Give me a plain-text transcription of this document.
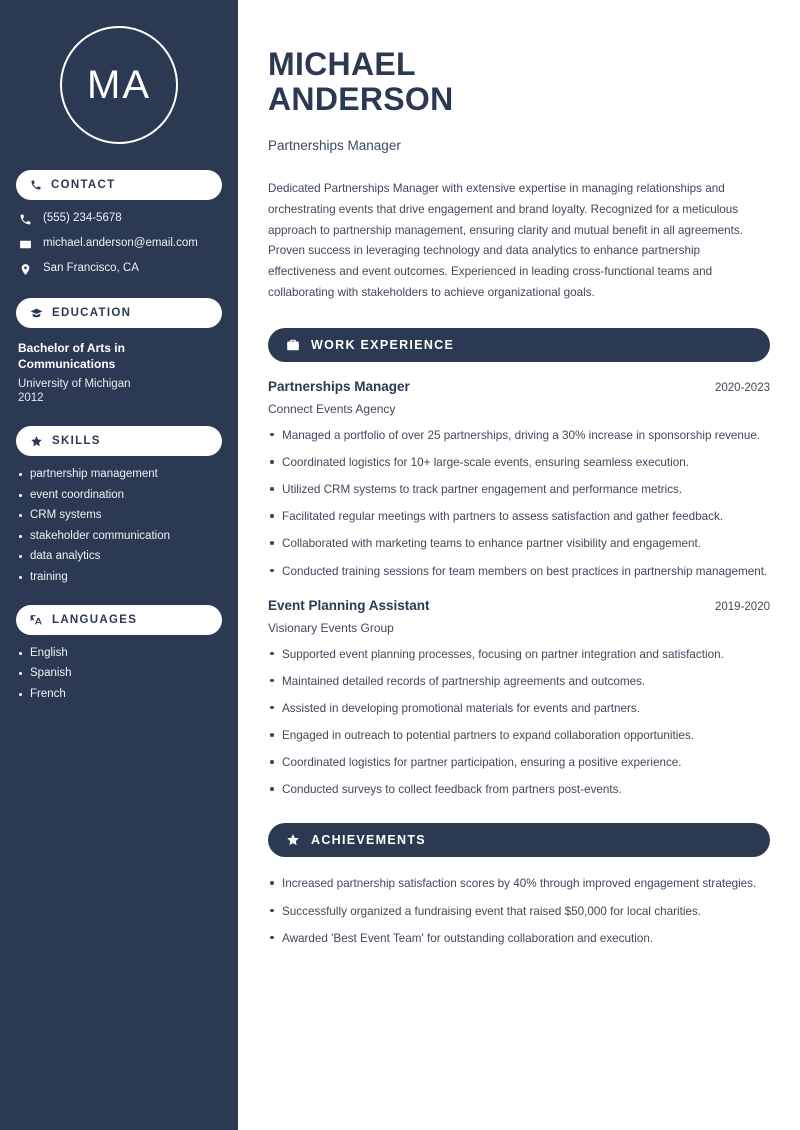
MA
CONTACT
(555) 234-5678
michael.anderson@email.com
San Francisco, CA
EDUCATION
Bachelor of Arts in Communications
University of Michigan
2012
SKILLS
partnership management
event coordination
CRM systems
stakeholder communication
data analytics
training
LANGUAGES
English
Spanish
French
MICHAEL
ANDERSON
Partnerships Manager

Dedicated Partnerships Manager with extensive expertise in managing relationships and orchestrating events that drive engagement and brand loyalty. Recognized for a meticulous approach to partnership management, ensuring clarity and mutual benefit in all agreements. Proven success in leveraging technology and data analytics to enhance partnership effectiveness and event outcomes. Experienced in leading cross-functional teams and collaborating with stakeholders to achieve organizational goals.

WORK EXPERIENCE
Partnerships Manager	2020-2023
Connect Events Agency
Managed a portfolio of over 25 partnerships, driving a 30% increase in sponsorship revenue.
Coordinated logistics for 10+ large-scale events, ensuring seamless execution.
Utilized CRM systems to track partner engagement and performance metrics.
Facilitated regular meetings with partners to assess satisfaction and gather feedback.
Collaborated with marketing teams to enhance partner visibility and engagement.
Conducted training sessions for team members on best practices in partnership management.
Event Planning Assistant	2019-2020
Visionary Events Group
Supported event planning processes, focusing on partner integration and satisfaction.
Maintained detailed records of partnership agreements and outcomes.
Assisted in developing promotional materials for events and partners.
Engaged in outreach to potential partners to expand collaboration opportunities.
Coordinated logistics for partner participation, ensuring a positive experience.
Conducted surveys to collect feedback from partners post-events.
ACHIEVEMENTS
Increased partnership satisfaction scores by 40% through improved engagement strategies.
Successfully organized a fundraising event that raised $50,000 for local charities.
Awarded 'Best Event Team' for outstanding collaboration and execution.
